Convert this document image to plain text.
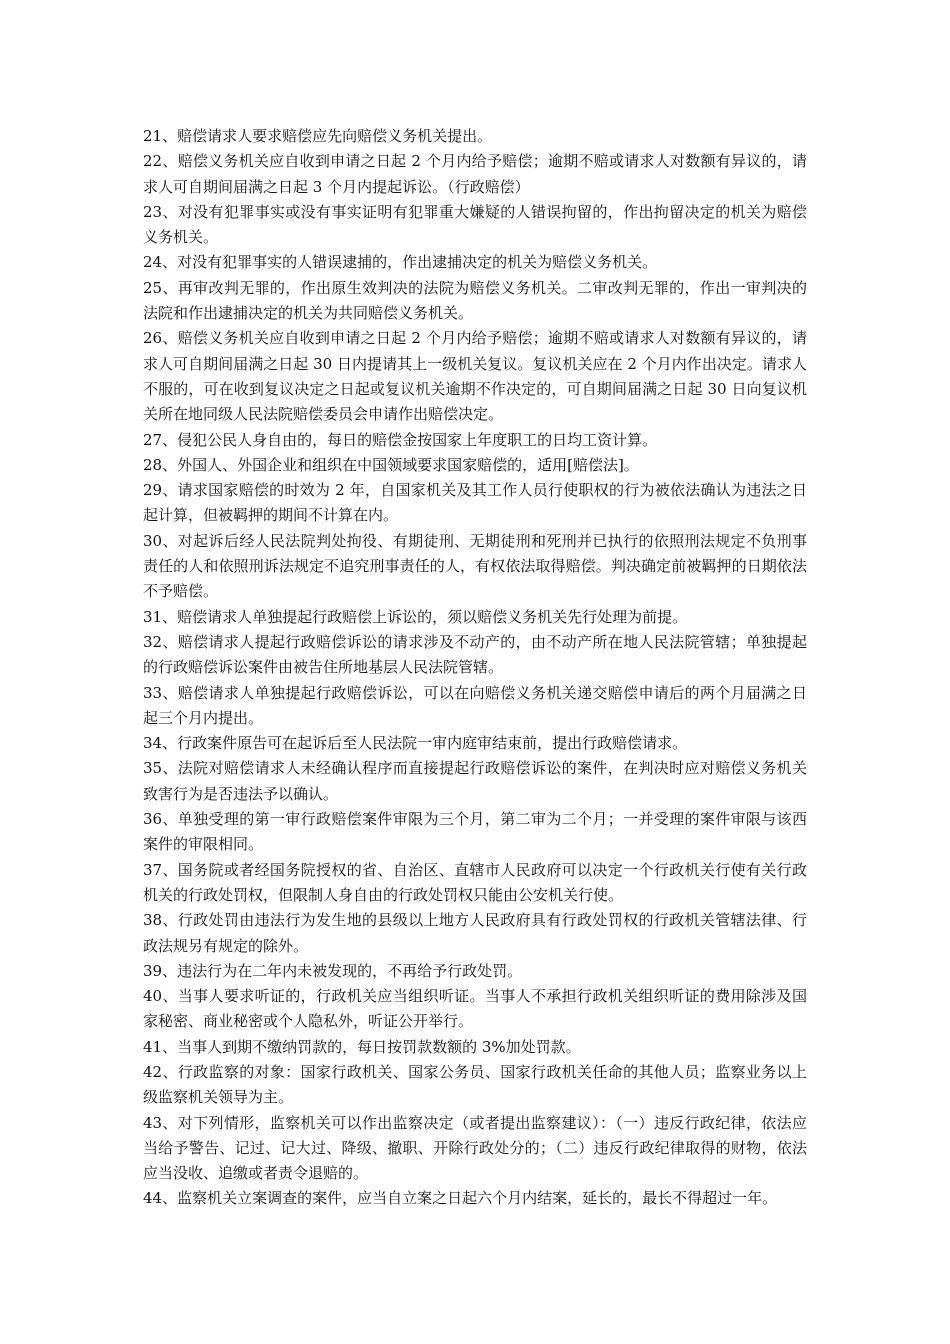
21、赔偿请求人要求赔偿应先向赔偿义务机关提出。

22、赔偿义务机关应自收到申请之日起 2 个月内给予赔偿；逾期不赔或请求人对数额有异议的，请求人可自期间届满之日起 3 个月内提起诉讼。（行政赔偿）

23、对没有犯罪事实或没有事实证明有犯罪重大嫌疑的人错误拘留的，作出拘留决定的机关为赔偿义务机关。

24、对没有犯罪事实的人错误逮捕的，作出逮捕决定的机关为赔偿义务机关。

25、再审改判无罪的，作出原生效判决的法院为赔偿义务机关。二审改判无罪的，作出一审判决的法院和作出逮捕决定的机关为共同赔偿义务机关。

26、赔偿义务机关应自收到申请之日起 2 个月内给予赔偿；逾期不赔或请求人对数额有异议的，请求人可自期间届满之日起 30 日内提请其上一级机关复议。复议机关应在 2 个月内作出决定。请求人不服的，可在收到复议决定之日起或复议机关逾期不作决定的，可自期间届满之日起 30 日向复议机关所在地同级人民法院赔偿委员会申请作出赔偿决定。

27、侵犯公民人身自由的，每日的赔偿金按国家上年度职工的日均工资计算。

28、外国人、外国企业和组织在中国领域要求国家赔偿的，适用[赔偿法]。

29、请求国家赔偿的时效为 2 年，自国家机关及其工作人员行使职权的行为被依法确认为违法之日起计算，但被羁押的期间不计算在内。

30、对起诉后经人民法院判处拘役、有期徒刑、无期徒刑和死刑并已执行的依照刑法规定不负刑事责任的人和依照刑诉法规定不追究刑事责任的人，有权依法取得赔偿。判决确定前被羁押的日期依法不予赔偿。

31、赔偿请求人单独提起行政赔偿上诉讼的，须以赔偿义务机关先行处理为前提。

32、赔偿请求人提起行政赔偿诉讼的请求涉及不动产的，由不动产所在地人民法院管辖；单独提起的行政赔偿诉讼案件由被告住所地基层人民法院管辖。

33、赔偿请求人单独提起行政赔偿诉讼，可以在向赔偿义务机关递交赔偿申请后的两个月届满之日起三个月内提出。

34、行政案件原告可在起诉后至人民法院一审内庭审结束前，提出行政赔偿请求。

35、法院对赔偿请求人未经确认程序而直接提起行政赔偿诉讼的案件，在判决时应对赔偿义务机关致害行为是否违法予以确认。

36、单独受理的第一审行政赔偿案件审限为三个月，第二审为二个月；一并受理的案件审限与该西案件的审限相同。

37、国务院或者经国务院授权的省、自治区、直辖市人民政府可以决定一个行政机关行使有关行政机关的行政处罚权，但限制人身自由的行政处罚权只能由公安机关行使。

38、行政处罚由违法行为发生地的县级以上地方人民政府具有行政处罚权的行政机关管辖法律、行政法规另有规定的除外。

39、违法行为在二年内未被发现的，不再给予行政处罚。

40、当事人要求听证的，行政机关应当组织听证。当事人不承担行政机关组织听证的费用除涉及国家秘密、商业秘密或个人隐私外，听证公开举行。

41、当事人到期不缴纳罚款的，每日按罚款数额的 3%加处罚款。

42、行政监察的对象：国家行政机关、国家公务员、国家行政机关任命的其他人员；监察业务以上级监察机关领导为主。

43、对下列情形，监察机关可以作出监察决定（或者提出监察建议）：（一）违反行政纪律，依法应当给予警告、记过、记大过、降级、撤职、开除行政处分的；（二）违反行政纪律取得的财物，依法应当没收、追缴或者责令退赔的。

44、监察机关立案调查的案件，应当自立案之日起六个月内结案，延长的，最长不得超过一年。
